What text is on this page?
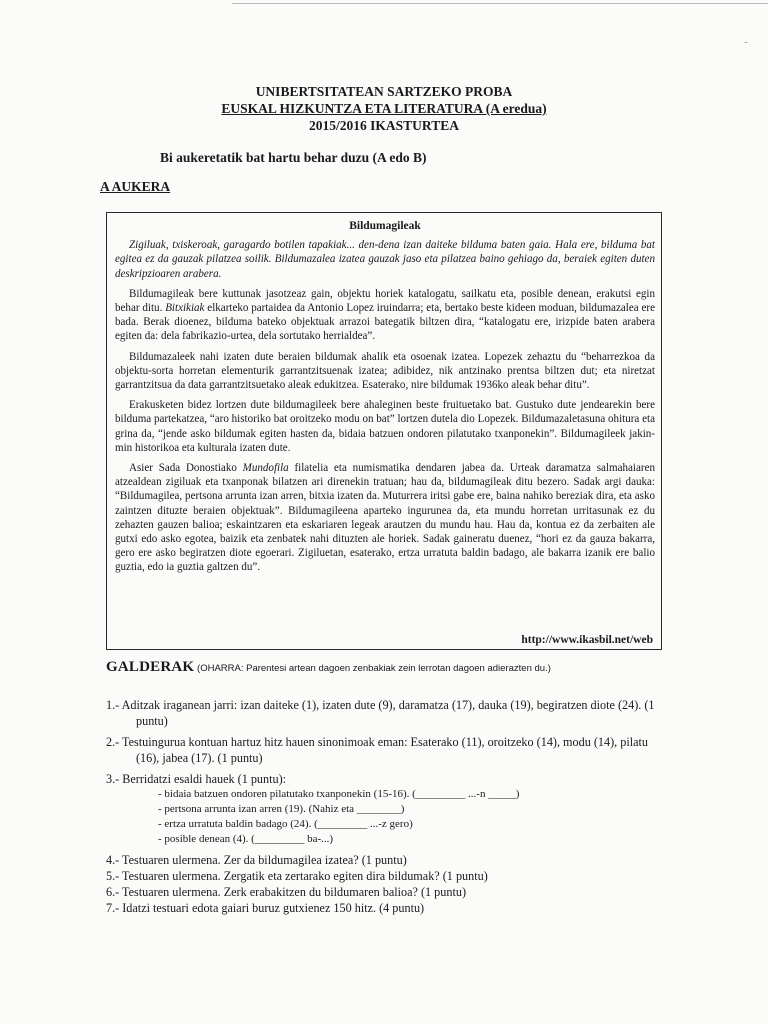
-
UNIBERTSITATEAN SARTZEKO PROBA
EUSKAL HIZKUNTZA ETA LITERATURA (A eredua)
2015/2016 IKASTURTEA
Bi aukeretatik bat hartu behar duzu (A edo B)
A AUKERA
Bildumagileak

Zigiluak, txiskeroak, garagardo botilen tapakiak... den-dena izan daiteke bilduma baten gaia. Hala ere, bilduma bat egitea ez da gauzak pilatzea soilik. Bildumazalea izatea gauzak jaso eta pilatzea baino gehiago da, beraiek egiten duten deskripzioaren arabera.

Bildumagileak bere kuttunak jasotzeaz gain, objektu horiek katalogatu, sailkatu eta, posible denean, erakutsi egin behar ditu. Bitxikiak elkarteko partaidea da Antonio Lopez iruindarra; eta, bertako beste kideen moduan, bildumazalea ere bada. Berak dioenez, bilduma bateko objektuak arrazoi bategatik biltzen dira, “katalogatu ere, irizpide baten arabera egiten da: dela fabrikazio-urtea, dela sortutako herrialdea”.

Bildumazaleek nahi izaten dute beraien bildumak ahalik eta osoenak izatea. Lopezek zehaztu du “beharrezkoa da objektu-sorta horretan elementurik garrantzitsuenak izatea; adibidez, nik antzinako prentsa biltzen dut; eta niretzat garrantzitsua da data garrantzitsuetako aleak edukitzea. Esaterako, nire bildumak 1936ko aleak behar ditu”.

Erakusketen bidez lortzen dute bildumagileek bere ahaleginen beste fruituetako bat. Gustuko dute jendearekin bere bilduma partekatzea, “aro historiko bat oroitzeko modu on bat” lortzen dutela dio Lopezek. Bildumazaletasuna ohitura eta grina da, “jende asko bildumak egiten hasten da, bidaia batzuen ondoren pilatutako txanponekin”. Bildumagileek jakin-min historikoa eta kulturala izaten dute.

Asier Sada Donostiako Mundofila filatelia eta numismatika dendaren jabea da. Urteak daramatza salmahaiaren atzealdean zigiluak eta txanponak bilatzen ari direnekin tratuan; hau da, bildumagileak ditu bezero. Sadak argi dauka: “Bildumagilea, pertsona arrunta izan arren, bitxia izaten da. Muturrera iritsi gabe ere, baina nahiko bereziak dira, eta asko zaintzen dituzte beraien objektuak”. Bildumagileena aparteko ingurunea da, eta mundu horretan urritasunak ez du zehazten gauzen balioa; eskaintzaren eta eskariaren legeak arautzen du mundu hau. Hau da, kontua ez da zerbaiten ale gutxi edo asko egotea, baizik eta zenbatek nahi dituzten ale horiek. Sadak gaineratu duenez, “hori ez da gauza bakarra, gero ere asko begiratzen diote egoerari. Zigiluetan, esaterako, ertza urratuta baldin badago, ale bakarra izanik ere balio guztia, edo ia guztia galtzen du”.

http://www.ikasbil.net/web
GALDERAK (OHARRA: Parentesi artean dagoen zenbakiak zein lerrotan dagoen adierazten du.)
1.- Aditzak iraganean jarri: izan daiteke (1), izaten dute (9), daramatza (17), dauka (19), begiratzen diote (24). (1 puntu)
2.- Testuingurua kontuan hartuz hitz hauen sinonimoak eman: Esaterako (11), oroitzeko (14), modu (14), pilatu (16), jabea (17). (1 puntu)
3.- Berridatzi esaldi hauek (1 puntu):
- bidaia batzuen ondoren pilatutako txanponekin (15-16). (_________ ...-n _____)
- pertsona arrunta izan arren (19). (Nahiz eta ________)
- ertza urratuta baldin badago (24). (_________ ...-z gero)
- posible denean (4). (_________ ba-...)
4.- Testuaren ulermena. Zer da bildumagilea izatea? (1 puntu)
5.- Testuaren ulermena. Zergatik eta zertarako egiten dira bildumak? (1 puntu)
6.- Testuaren ulermena. Zerk erabakitzen du bildumaren balioa? (1 puntu)
7.- Idatzi testuari edota gaiari buruz gutxienez 150 hitz. (4 puntu)
